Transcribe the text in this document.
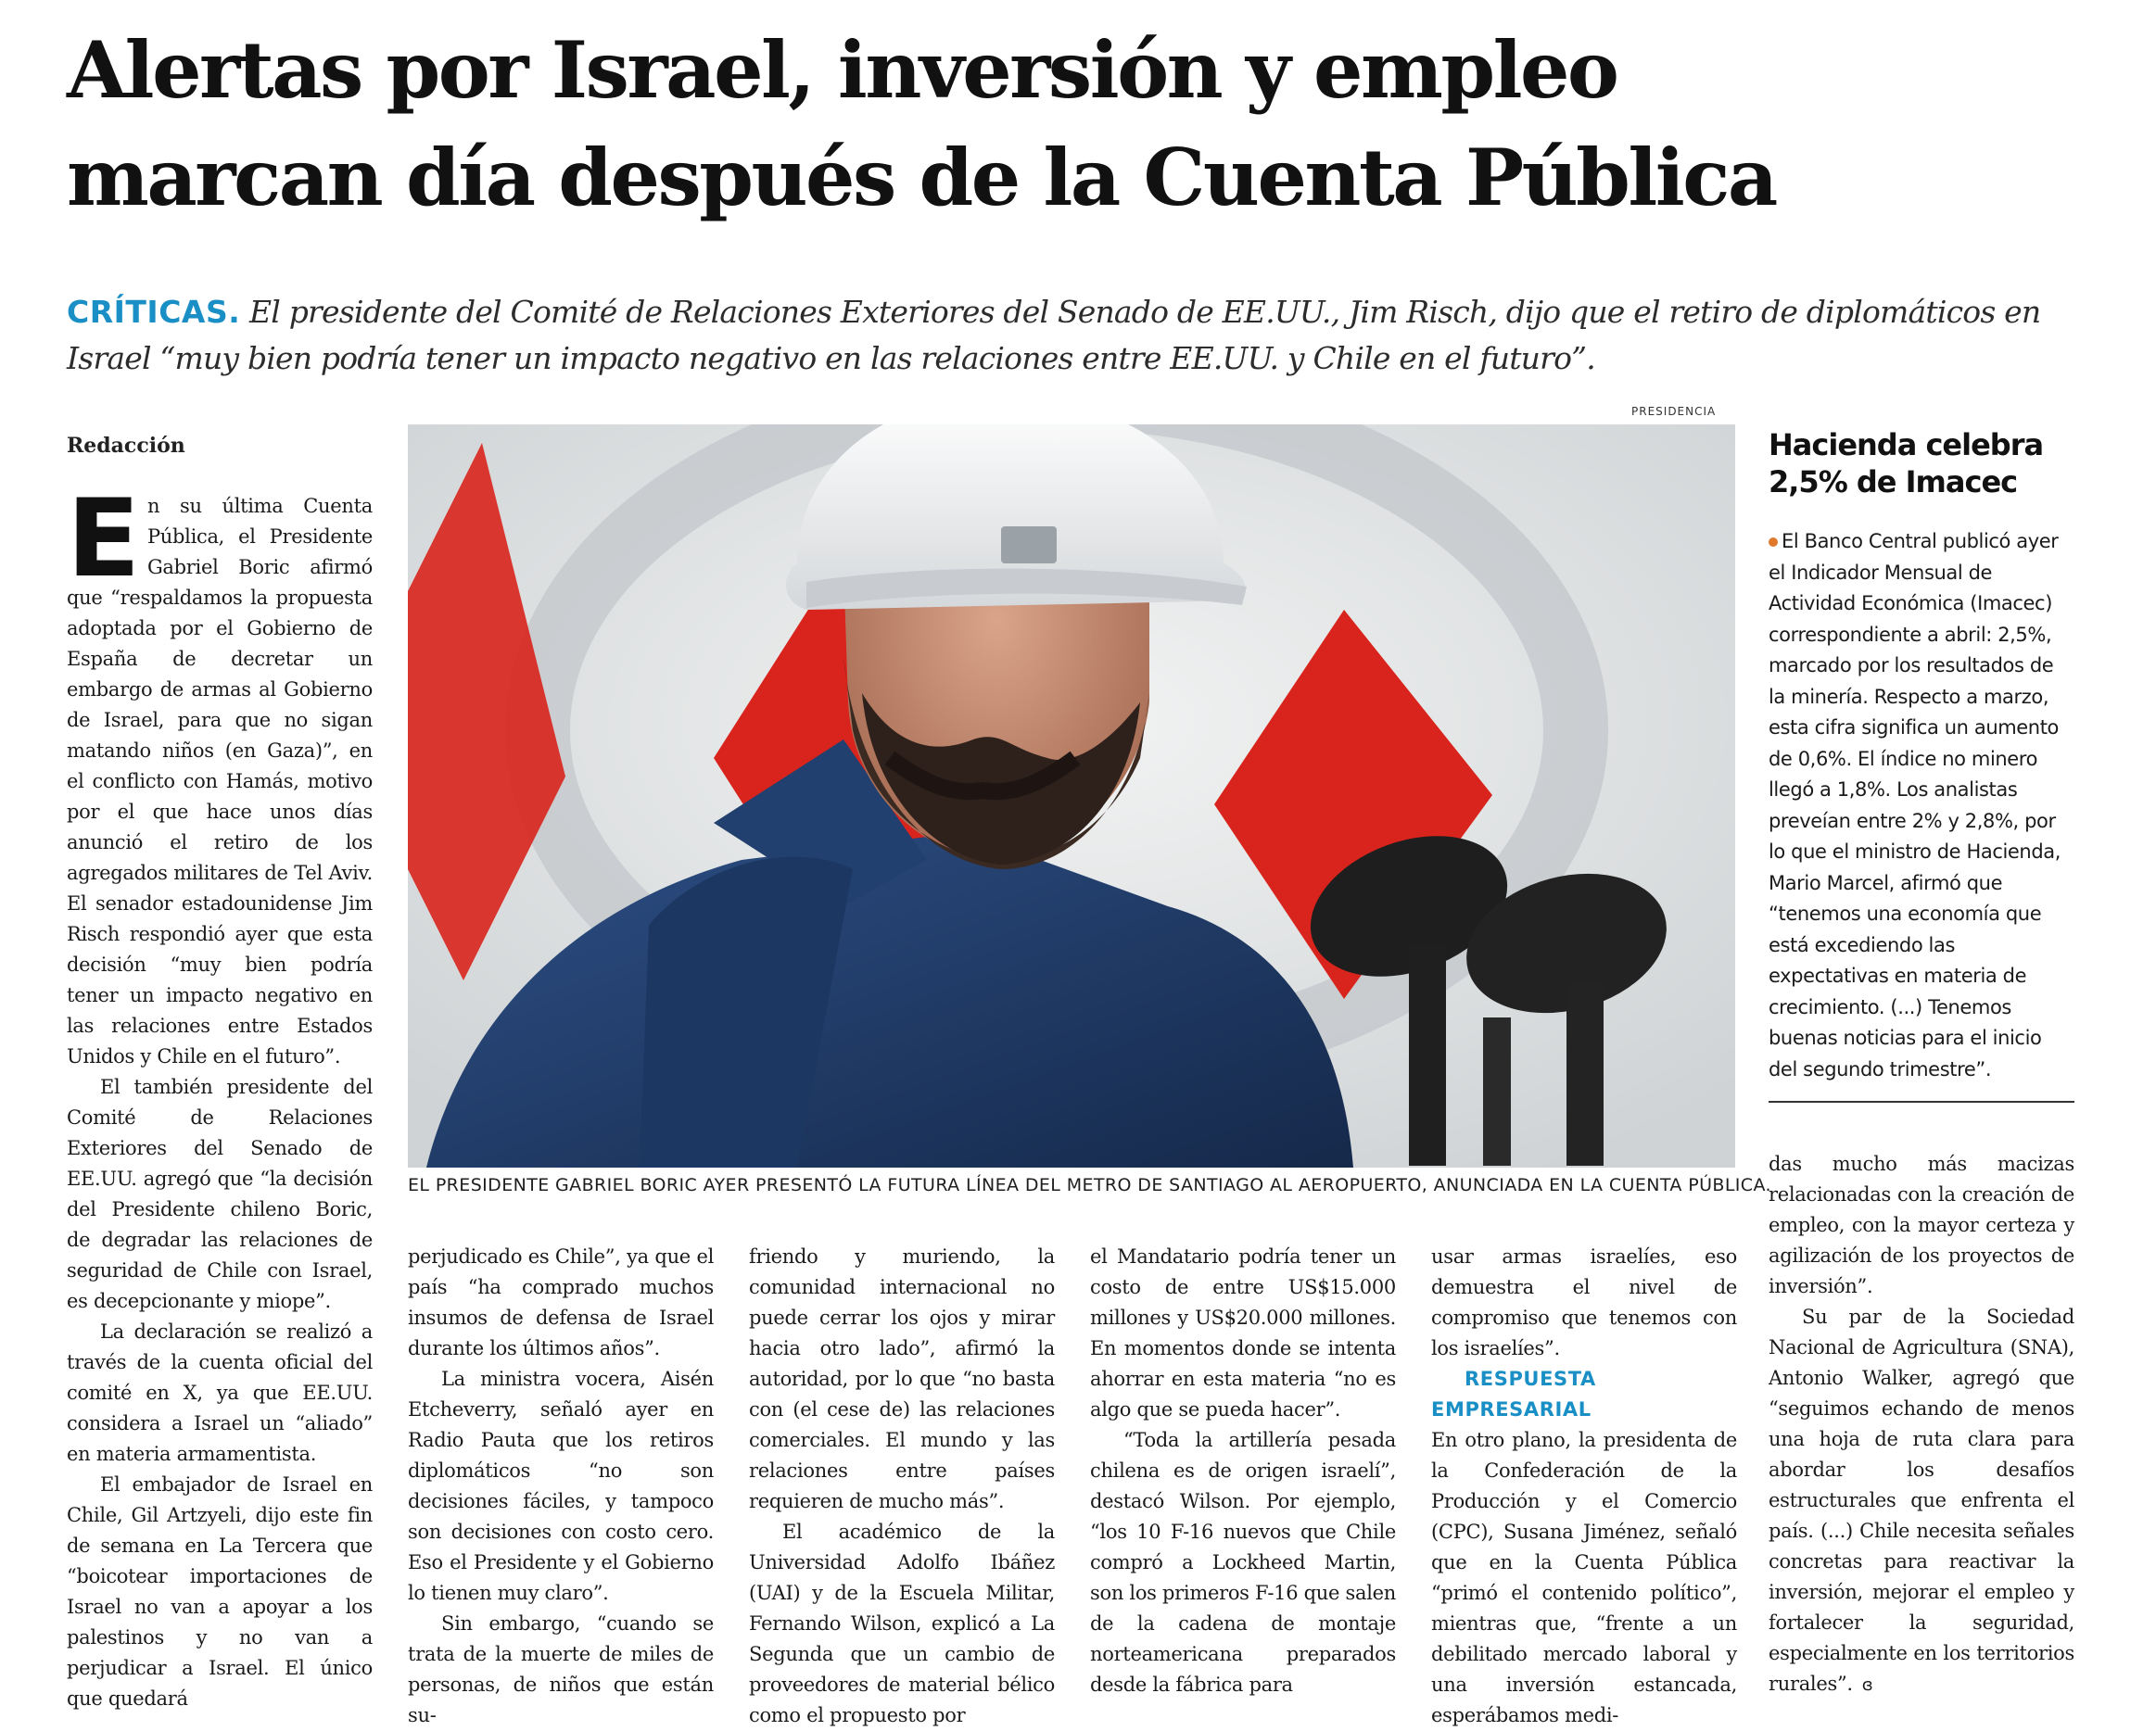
Alertas por Israel, inversión y empleo
marcan día después de la Cuenta Pública
CRÍTICAS. El presidente del Comité de Relaciones Exteriores del Senado de EE.UU., Jim Risch, dijo que el retiro de diplomáticos en Israel “muy bien podría tener un impacto negativo en las relaciones entre EE.UU. y Chile en el futuro”.
PRESIDENCIA
EL PRESIDENTE GABRIEL BORIC AYER PRESENTÓ LA FUTURA LÍNEA DEL METRO DE SANTIAGO AL AEROPUERTO, ANUNCIADA EN LA CUENTA PÚBLICA.
Redacción

En su última Cuenta Pública, el Presidente Gabriel Boric afirmó que “respaldamos la propuesta adoptada por el Gobierno de España de decretar un embargo de armas al Gobierno de Israel, para que no sigan matando niños (en Gaza)”, en el conflicto con Hamás, motivo por el que hace unos días anunció el retiro de los agregados militares de Tel Aviv. El senador estadounidense Jim Risch respondió ayer que esta decisión “muy bien podría tener un impacto negativo en las relaciones entre Estados Unidos y Chile en el futuro”.

El también presidente del Comité de Relaciones Exteriores del Senado de EE.UU. agregó que “la decisión del Presidente chileno Boric, de degradar las relaciones de seguridad de Chile con Israel, es decepcionante y miope”.

La declaración se realizó a través de la cuenta oficial del comité en X, ya que EE.UU. considera a Israel un “aliado” en materia armamentista.

El embajador de Israel en Chile, Gil Artzyeli, dijo este fin de semana en La Tercera que “boicotear importaciones de Israel no van a apoyar a los palestinos y no van a perjudicar a Israel. El único que quedará

perjudicado es Chile”, ya que el país “ha comprado muchos insumos de defensa de Israel durante los últimos años”.

La ministra vocera, Aisén Etcheverry, señaló ayer en Radio Pauta que los retiros diplomáticos “no son decisiones fáciles, y tampoco son decisiones con costo cero. Eso el Presidente y el Gobierno lo tienen muy claro”.

Sin embargo, “cuando se trata de la muerte de miles de personas, de niños que están su-

friendo y muriendo, la comunidad internacional no puede cerrar los ojos y mirar hacia otro lado”, afirmó la autoridad, por lo que “no basta con (el cese de) las relaciones comerciales. El mundo y las relaciones entre países requieren de mucho más”.

El académico de la Universidad Adolfo Ibáñez (UAI) y de la Escuela Militar, Fernando Wilson, explicó a La Segunda que un cambio de proveedores de material bélico como el propuesto por

el Mandatario podría tener un costo de entre US$15.000 millones y US$20.000 millones. En momentos donde se intenta ahorrar en esta materia “no es algo que se pueda hacer”.

“Toda la artillería pesada chilena es de origen israelí”, destacó Wilson. Por ejemplo, “los 10 F-16 nuevos que Chile compró a Lockheed Martin, son los primeros F-16 que salen de la cadena de montaje norteamericana preparados desde la fábrica para

usar armas israelíes, eso demuestra el nivel de compromiso que tenemos con los israelíes”.

RESPUESTA EMPRESARIAL

En otro plano, la presidenta de la Confederación de la Producción y el Comercio (CPC), Susana Jiménez, señaló que en la Cuenta Pública “primó el contenido político”, mientras que, “frente a un debilitado mercado laboral y una inversión estancada, esperábamos medi-

das mucho más macizas relacionadas con la creación de empleo, con la mayor certeza y agilización de los proyectos de inversión”.

Su par de la Sociedad Nacional de Agricultura (SNA), Antonio Walker, agregó que “seguimos echando de menos una hoja de ruta clara para abordar los desafíos estructurales que enfrenta el país. (...) Chile necesita señales concretas para reactivar la inversión, mejorar el empleo y fortalecer la seguridad, especialmente en los territorios rurales”. ɞ

Hacienda celebra 2,5% de Imacec
El Banco Central publicó ayer el Indicador Mensual de Actividad Económica (Imacec) correspondiente a abril: 2,5%, marcado por los resultados de la minería. Respecto a marzo, esta cifra significa un aumento de 0,6%. El índice no minero llegó a 1,8%. Los analistas preveían entre 2% y 2,8%, por lo que el ministro de Hacienda, Mario Marcel, afirmó que “tenemos una economía que está excediendo las expectativas en materia de crecimiento. (...) Tenemos buenas noticias para el inicio del segundo trimestre”.
